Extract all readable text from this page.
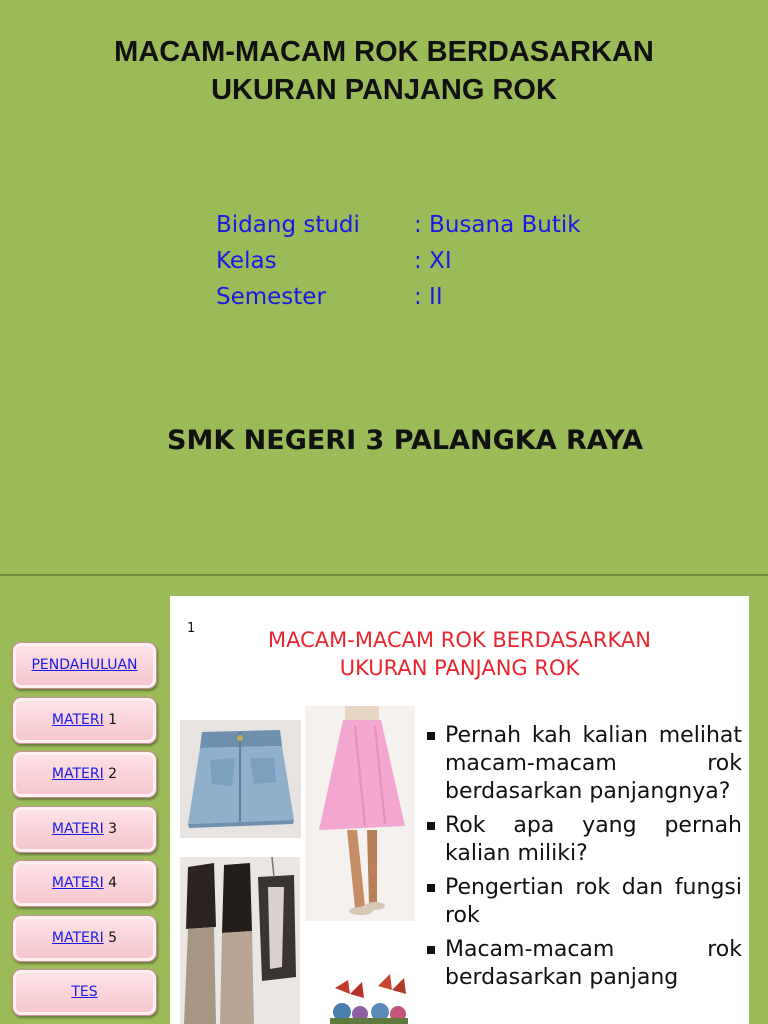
MACAM-MACAM ROK BERDASARKAN
UKURAN PANJANG ROK
Bidang studi : Busana Butik
Kelas	: XI
Semester	: II
SMK NEGERI 3 PALANGKA RAYA
PENDAHULUAN
MATERI 1
MATERI 2
MATERI 3
MATERI 4
MATERI 5
TES
1	MACAM-MACAM ROK BERDASARKAN
UKURAN PANJANG ROK
Pernah kah kalian melihat macam-macam rok berdasarkan panjangnya?
Rok apa yang pernah kalian miliki?
Pengertian rok dan fungsi rok
Macam-macam rok berdasarkan panjang
